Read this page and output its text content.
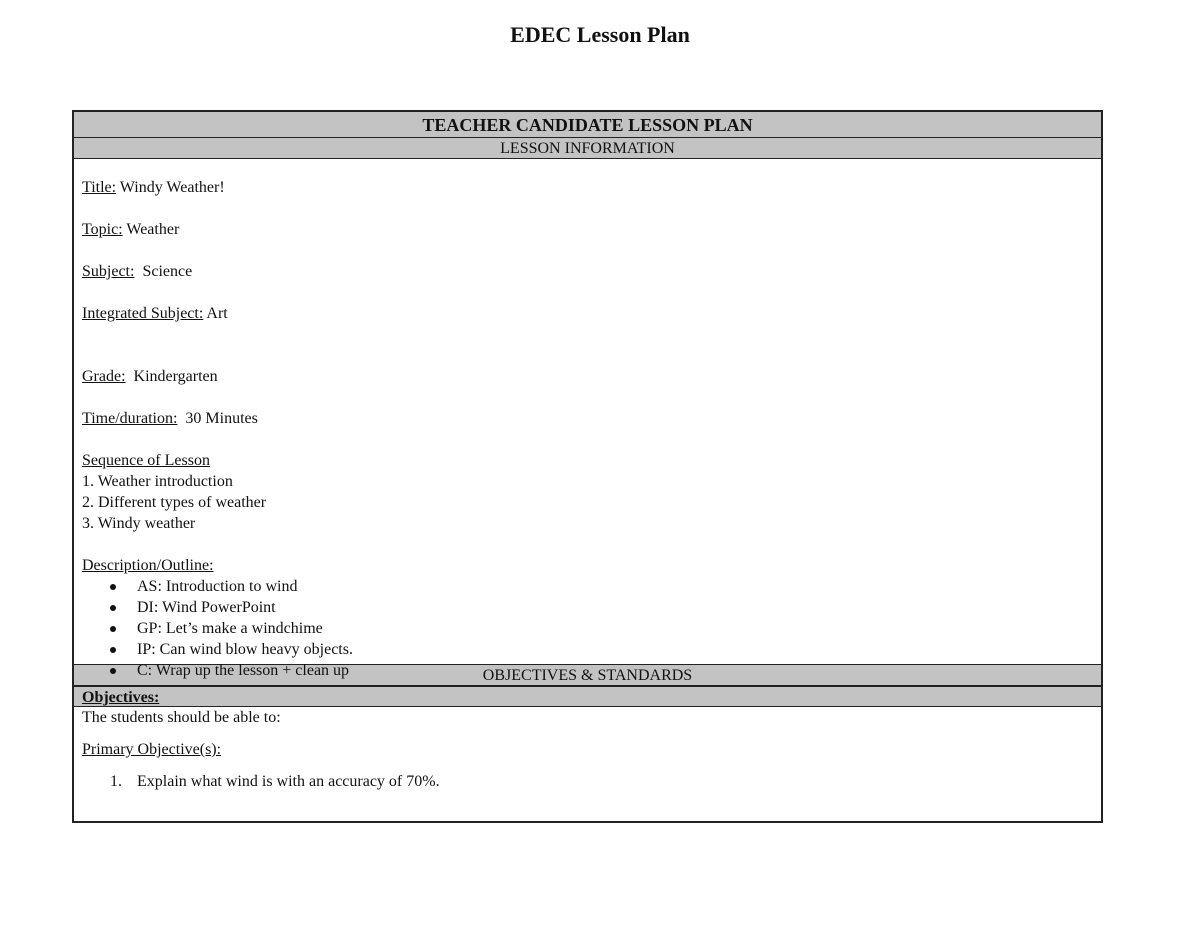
EDEC Lesson Plan
TEACHER CANDIDATE LESSON PLAN
LESSON INFORMATION
Title: Windy Weather!
Topic: Weather
Subject:  Science
Integrated Subject: Art
Grade:  Kindergarten
Time/duration:  30 Minutes
Sequence of Lesson
1. Weather introduction
2. Different types of weather
3. Windy weather
Description/Outline:
AS: Introduction to wind
DI: Wind PowerPoint
GP: Let’s make a windchime
IP: Can wind blow heavy objects.
C: Wrap up the lesson + clean up	OBJECTIVES & STANDARDS
Objectives:
The students should be able to:
Primary Objective(s):
1. Explain what wind is with an accuracy of 70%.
